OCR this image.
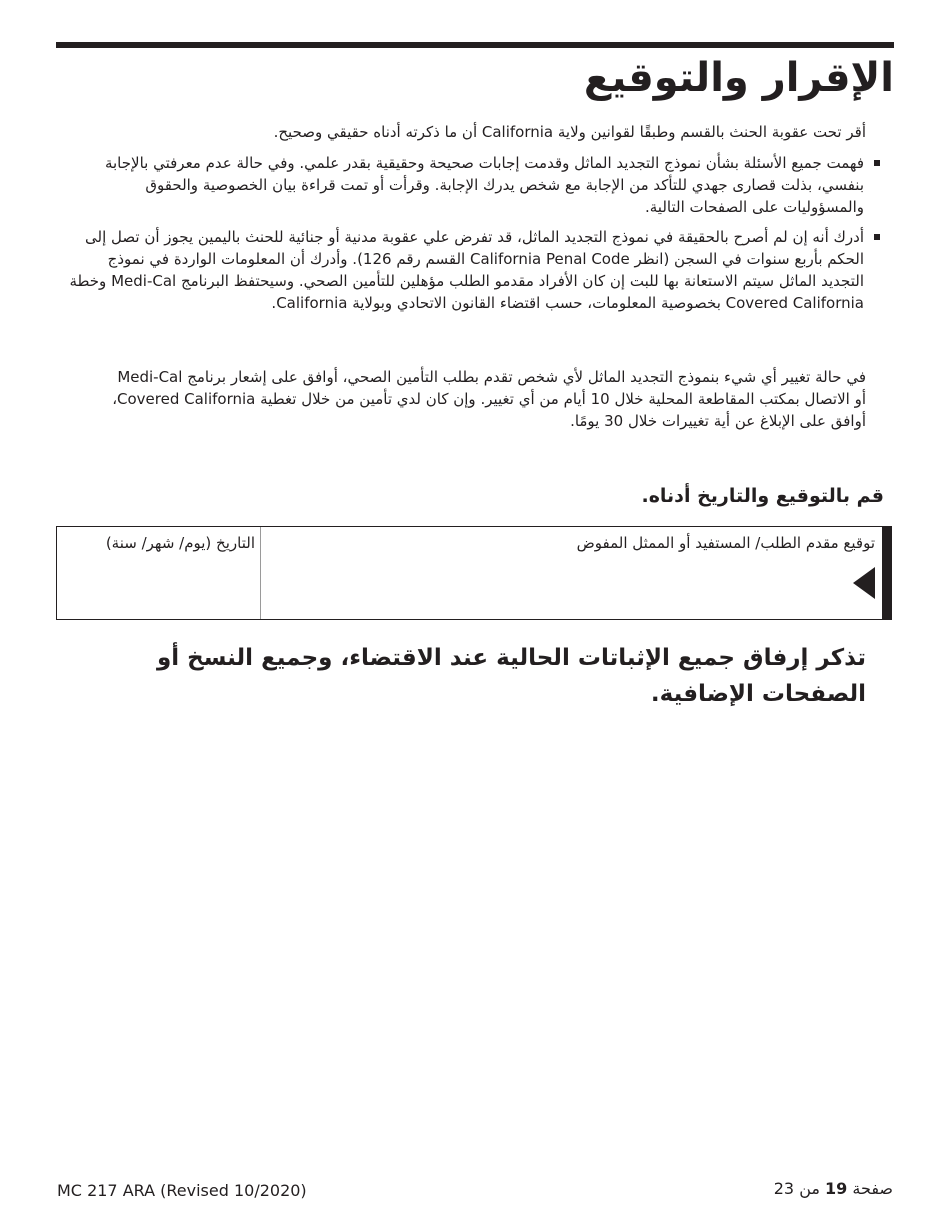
الإقرار والتوقيع

أقر تحت عقوبة الحنث بالقسم وطبقًا لقوانين ولاية California أن ما ذكرته أدناه حقيقي وصحيح.

فهمت جميع الأسئلة بشأن نموذج التجديد الماثل وقدمت إجابات صحيحة وحقيقية بقدر علمي. وفي حالة عدم معرفتي بالإجابة بنفسي، بذلت قصارى جهدي للتأكد من الإجابة مع شخص يدرك الإجابة. وقرأت أو تمت قراءة بيان الخصوصية والحقوق والمسؤوليات على الصفحات التالية.
أدرك أنه إن لم أصرح بالحقيقة في نموذج التجديد الماثل، قد تفرض علي عقوبة مدنية أو جنائية للحنث باليمين يجوز أن تصل إلى الحكم بأربع سنوات في السجن (انظر California Penal Code القسم رقم 126). وأدرك أن المعلومات الواردة في نموذج التجديد الماثل سيتم الاستعانة بها للبت إن كان الأفراد مقدمو الطلب مؤهلين للتأمين الصحي. وسيحتفظ البرنامج Medi-Cal وخطة Covered California بخصوصية المعلومات، حسب اقتضاء القانون الاتحادي وبولاية California.

في حالة تغيير أي شيء بنموذج التجديد الماثل لأي شخص تقدم بطلب التأمين الصحي، أوافق على إشعار برنامج Medi-Cal أو الاتصال بمكتب المقاطعة المحلية خلال 10 أيام من أي تغيير. وإن كان لدي تأمين من خلال تغطية Covered California، أوافق على الإبلاغ عن أية تغييرات خلال 30 يومًا.

قم بالتوقيع والتاريخ أدناه.
توقيع مقدم الطلب/ المستفيد أو الممثل المفوض
التاريخ (يوم/ شهر/ سنة)

تذكر إرفاق جميع الإثباتات الحالية عند الاقتضاء، وجميع النسخ أو الصفحات الإضافية.

MC 217 ARA (Revised 10/2020)	صفحة 19 من 23
